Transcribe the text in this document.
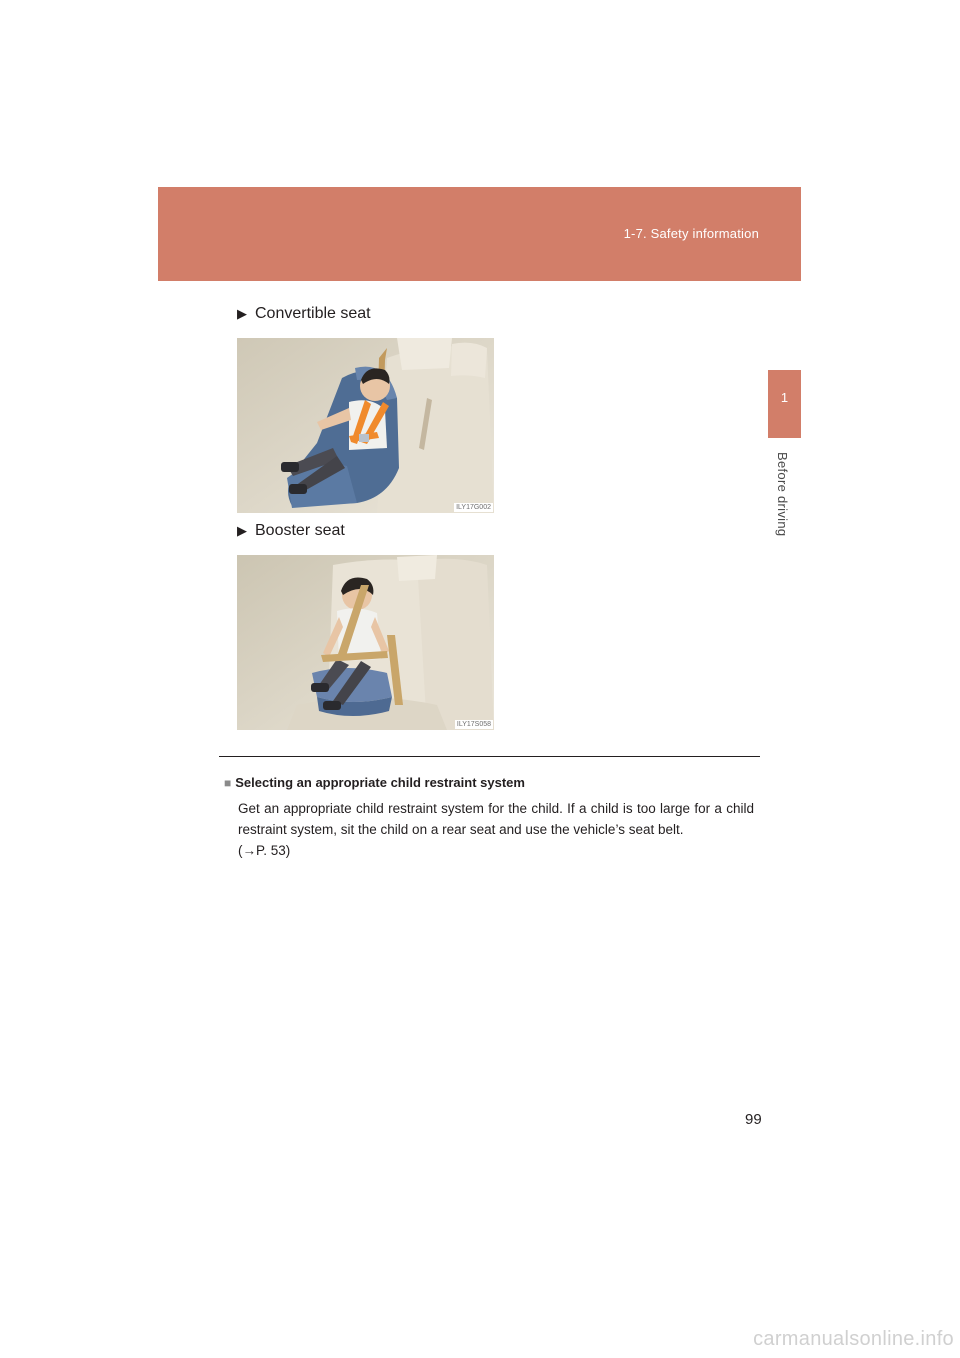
1-7. Safety information
1
Before driving
▶ Convertible seat
ILY17G002
▶ Booster seat
ILY17S058
■ Selecting an appropriate child restraint system
Get an appropriate child restraint system for the child. If a child is too large for a child restraint system, sit the child on a rear seat and use the vehicle’s seat belt.
(→P. 53)
99
carmanualsonline.info
